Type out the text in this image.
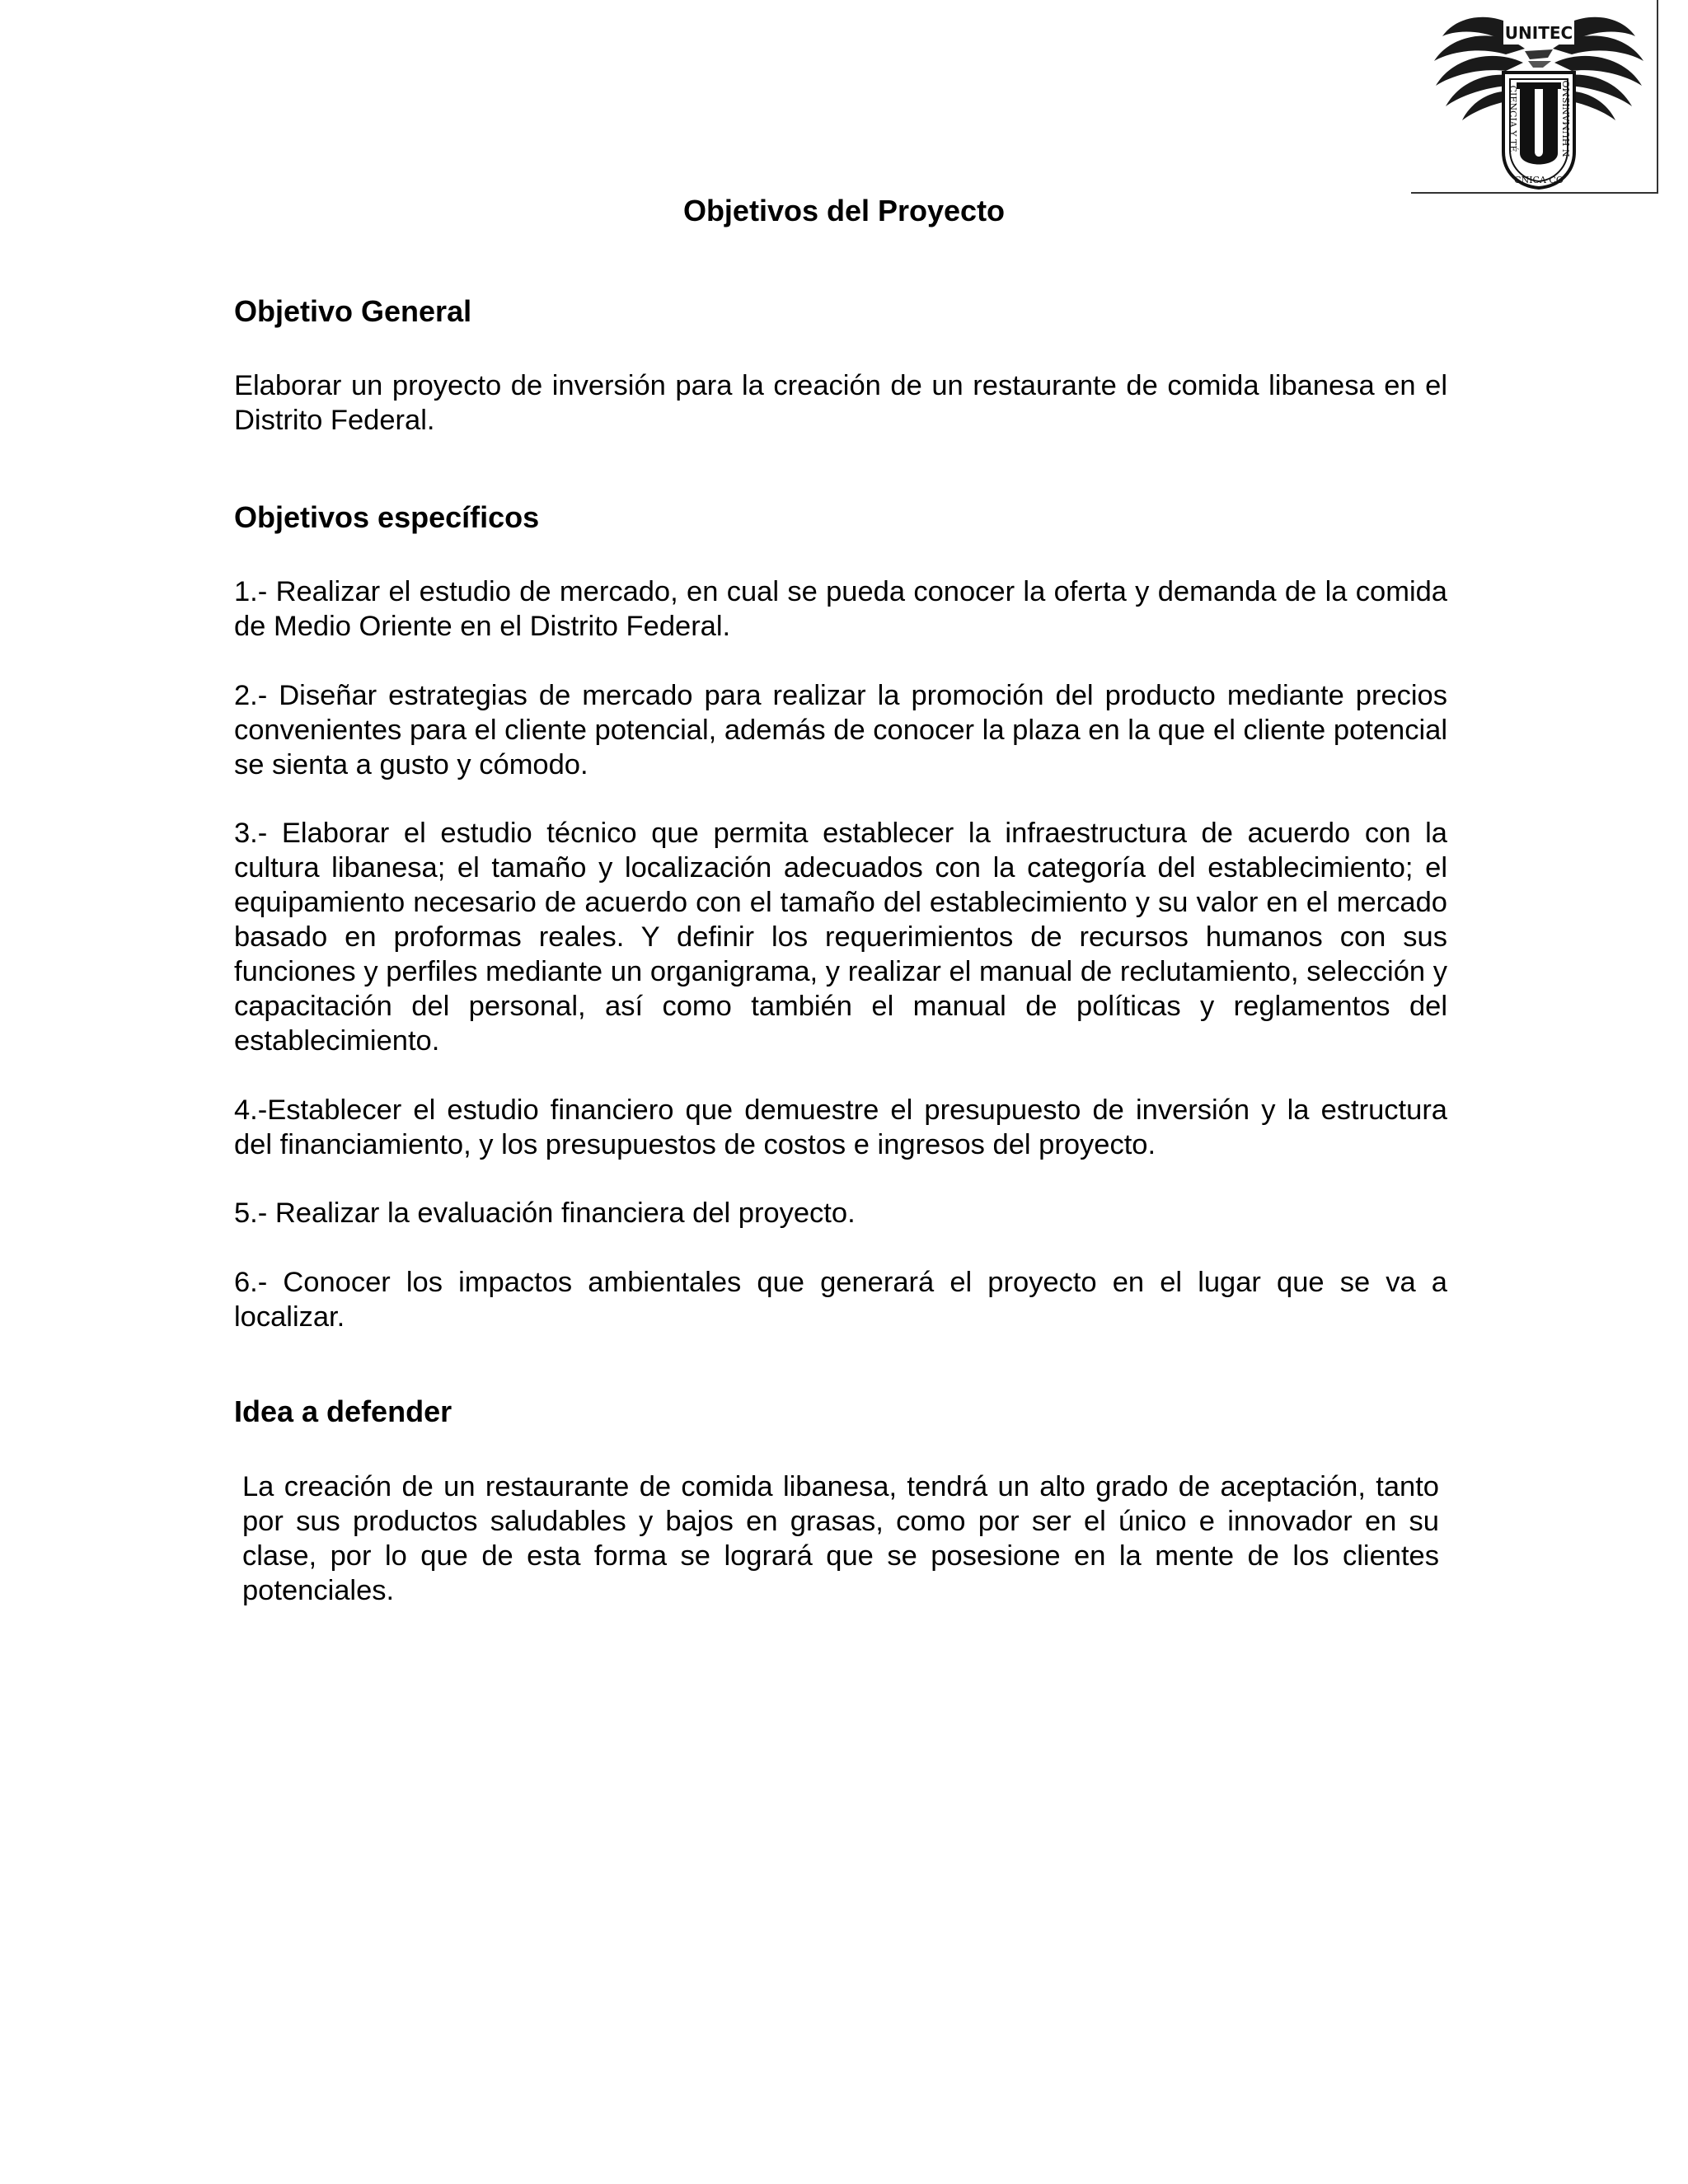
UNITEC
CIENCIA Y TÉ	N HUMANISMO
CNICA CO
Objetivos del Proyecto
Objetivo General

Elaborar un proyecto de inversión para la creación de un restaurante de comida libanesa en el Distrito Federal.

Objetivos específicos

1.- Realizar el estudio de mercado, en cual se pueda conocer la oferta y demanda de la comida de Medio Oriente en el Distrito Federal.

2.- Diseñar estrategias de mercado para realizar la promoción del producto mediante precios convenientes para el cliente potencial, además de conocer la plaza en la que el cliente potencial se sienta a gusto y cómodo.

3.- Elaborar el estudio técnico que permita establecer la infraestructura de acuerdo con la cultura libanesa; el tamaño y localización adecuados con la categoría del establecimiento; el equipamiento necesario de acuerdo con el tamaño del establecimiento y su valor en el mercado basado en proformas reales. Y definir los requerimientos de recursos humanos con sus funciones y perfiles mediante un organigrama, y realizar el manual de reclutamiento, selección y capacitación del personal, así como también el manual de políticas y reglamentos del establecimiento.

4.-Establecer el estudio financiero que demuestre el presupuesto de inversión y la estructura del financiamiento, y los presupuestos de costos e ingresos del proyecto.

5.- Realizar la evaluación financiera del proyecto.

6.- Conocer los impactos ambientales que generará el proyecto en el lugar que se va a localizar.

Idea a defender

La creación de un restaurante de comida libanesa, tendrá un alto grado de aceptación, tanto por sus productos saludables y bajos en grasas, como por ser el único e innovador en su clase, por lo que de esta forma se logrará que se posesione en la mente de los clientes potenciales.
